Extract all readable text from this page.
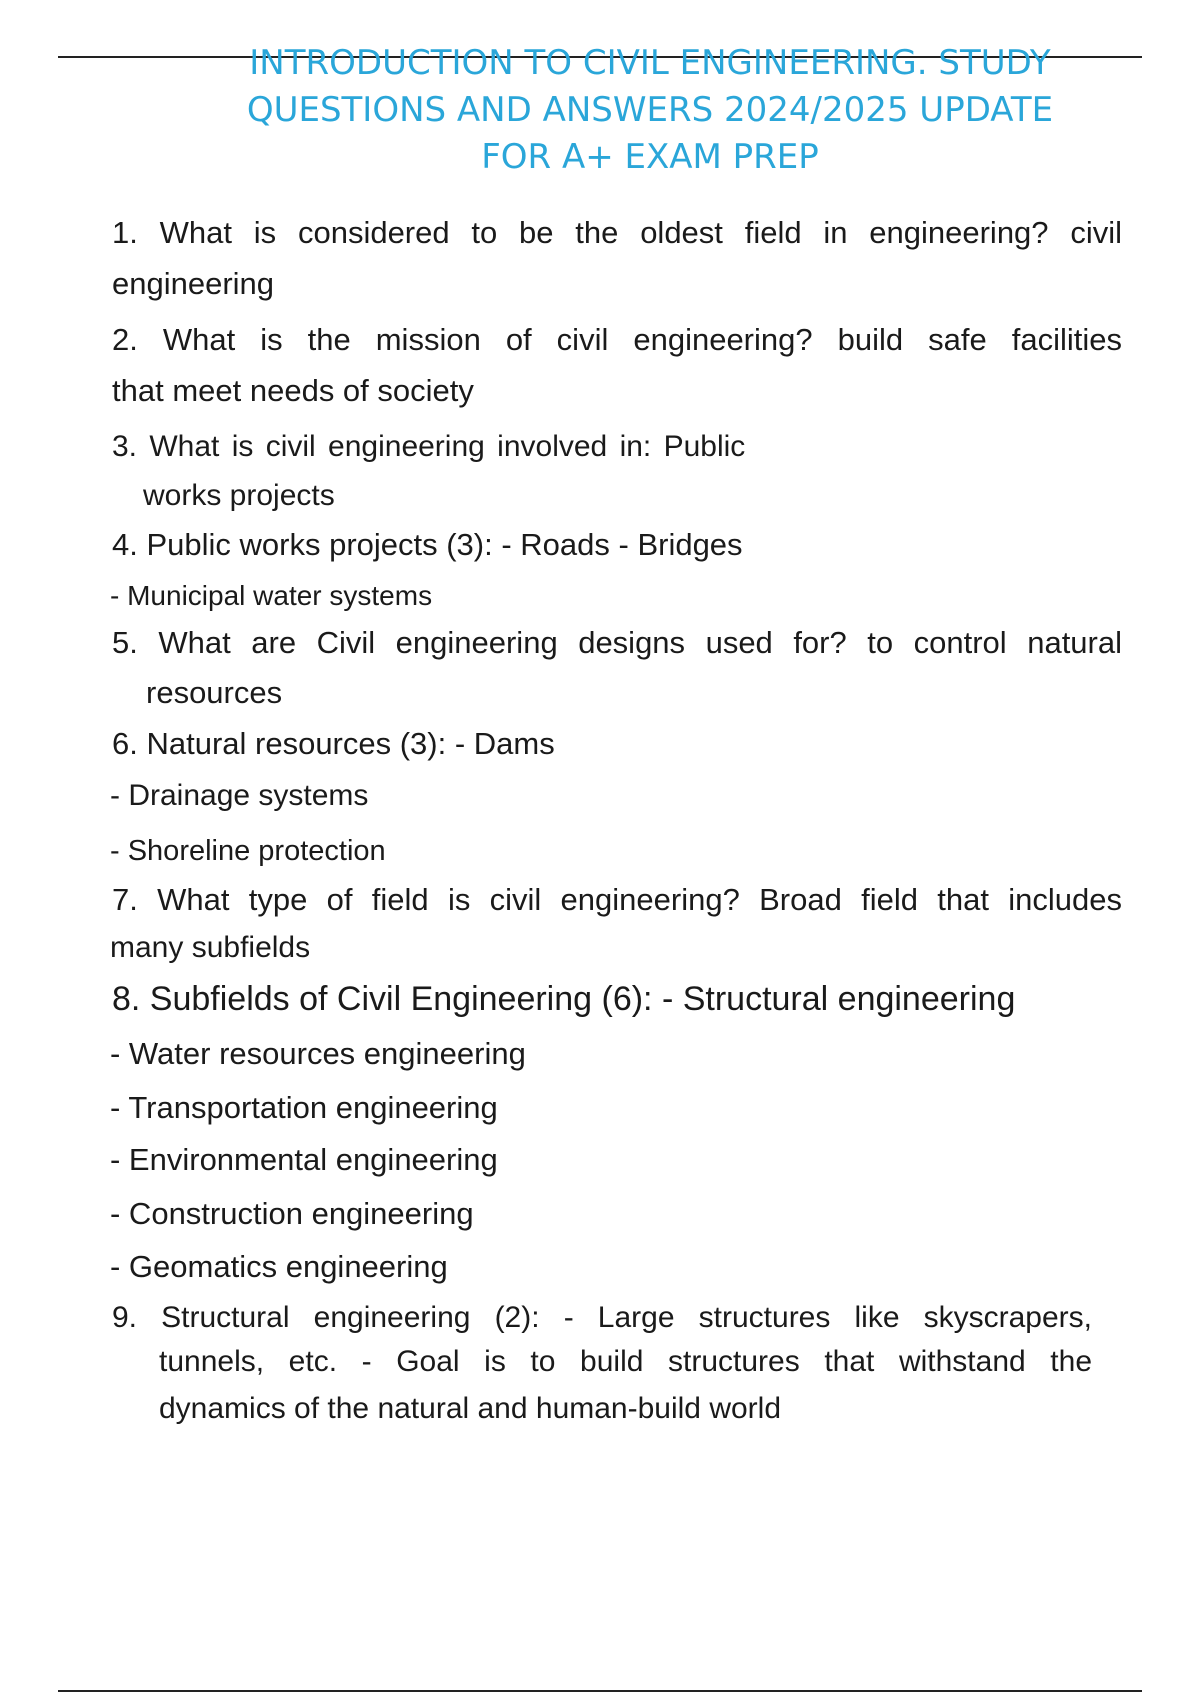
INTRODUCTION TO CIVIL ENGINEERING. STUDY
QUESTIONS AND ANSWERS 2024/2025 UPDATE
FOR A+ EXAM PREP
1. What is considered to be the oldest field in engineering? civil
engineering
2. What is the mission of civil engineering? build safe facilities
that meet needs of society
3. What is civil engineering involved in: Public
works projects
4. Public works projects (3): - Roads - Bridges
- Municipal water systems
5. What are Civil engineering designs used for? to control natural
resources
6. Natural resources (3): - Dams
- Drainage systems
- Shoreline protection
7. What type of field is civil engineering? Broad field that includes
many subfields
8. Subfields of Civil Engineering (6): - Structural engineering
- Water resources engineering
- Transportation engineering
- Environmental engineering
- Construction engineering
- Geomatics engineering
9. Structural engineering (2): - Large structures like skyscrapers,
tunnels, etc. - Goal is to build structures that withstand the
dynamics of the natural and human-build world
